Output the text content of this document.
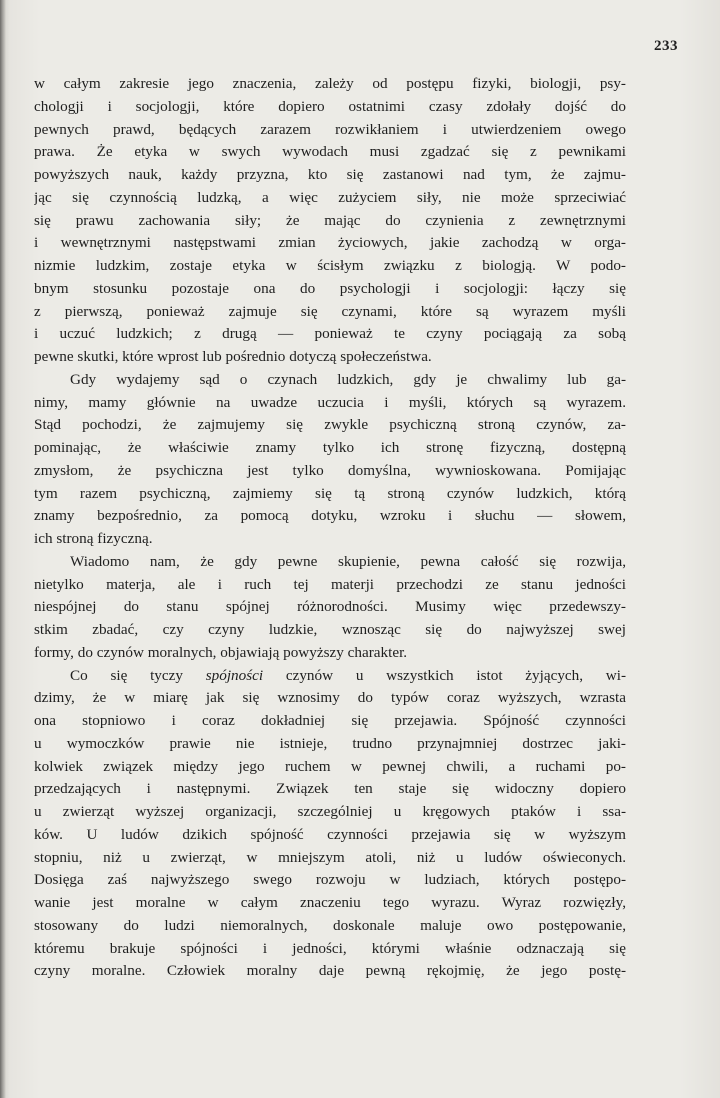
233
w całym zakresie jego znaczenia, zależy od postępu fizyki, biologji, psy-
chologji i socjologji, które dopiero ostatnimi czasy zdołały dojść do
pewnych prawd, będących zarazem rozwikłaniem i utwierdzeniem owego
prawa. Że etyka w swych wywodach musi zgadzać się z pewnikami
powyższych nauk, każdy przyzna, kto się zastanowi nad tym, że zajmu-
jąc się czynnością ludzką, a więc zużyciem siły, nie może sprzeciwiać
się prawu zachowania siły; że mając do czynienia z zewnętrznymi
i wewnętrznymi następstwami zmian życiowych, jakie zachodzą w orga-
nizmie ludzkim, zostaje etyka w ścisłym związku z biologją. W podo-
bnym stosunku pozostaje ona do psychologji i socjologji: łączy się
z pierwszą, ponieważ zajmuje się czynami, które są wyrazem myśli
i uczuć ludzkich; z drugą — ponieważ te czyny pociągają za sobą
pewne skutki, które wprost lub pośrednio dotyczą społeczeństwa.
Gdy wydajemy sąd o czynach ludzkich, gdy je chwalimy lub ga-
nimy, mamy głównie na uwadze uczucia i myśli, których są wyrazem.
Stąd pochodzi, że zajmujemy się zwykle psychiczną stroną czynów, za-
pominając, że właściwie znamy tylko ich stronę fizyczną, dostępną
zmysłom, że psychiczna jest tylko domyślna, wywnioskowana. Pomijając
tym razem psychiczną, zajmiemy się tą stroną czynów ludzkich, którą
znamy bezpośrednio, za pomocą dotyku, wzroku i słuchu — słowem,
ich stroną fizyczną.
Wiadomo nam, że gdy pewne skupienie, pewna całość się rozwija,
nietylko materja, ale i ruch tej materji przechodzi ze stanu jedności
niespójnej do stanu spójnej różnorodności. Musimy więc przedewszy-
stkim zbadać, czy czyny ludzkie, wznosząc się do najwyższej swej
formy, do czynów moralnych, objawiają powyższy charakter.
Co się tyczy spójności czynów u wszystkich istot żyjących, wi-
dzimy, że w miarę jak się wznosimy do typów coraz wyższych, wzrasta
ona stopniowo i coraz dokładniej się przejawia. Spójność czynności
u wymoczków prawie nie istnieje, trudno przynajmniej dostrzec jaki-
kolwiek związek między jego ruchem w pewnej chwili, a ruchami po-
przedzających i następnymi. Związek ten staje się widoczny dopiero
u zwierząt wyższej organizacji, szczególniej u kręgowych ptaków i ssa-
ków. U ludów dzikich spójność czynności przejawia się w wyższym
stopniu, niż u zwierząt, w mniejszym atoli, niż u ludów oświeconych.
Dosięga zaś najwyższego swego rozwoju w ludziach, których postępo-
wanie jest moralne w całym znaczeniu tego wyrazu. Wyraz rozwięzły,
stosowany do ludzi niemoralnych, doskonale maluje owo postępowanie,
któremu brakuje spójności i jedności, którymi właśnie odznaczają się
czyny moralne. Człowiek moralny daje pewną rękojmię, że jego postę-
